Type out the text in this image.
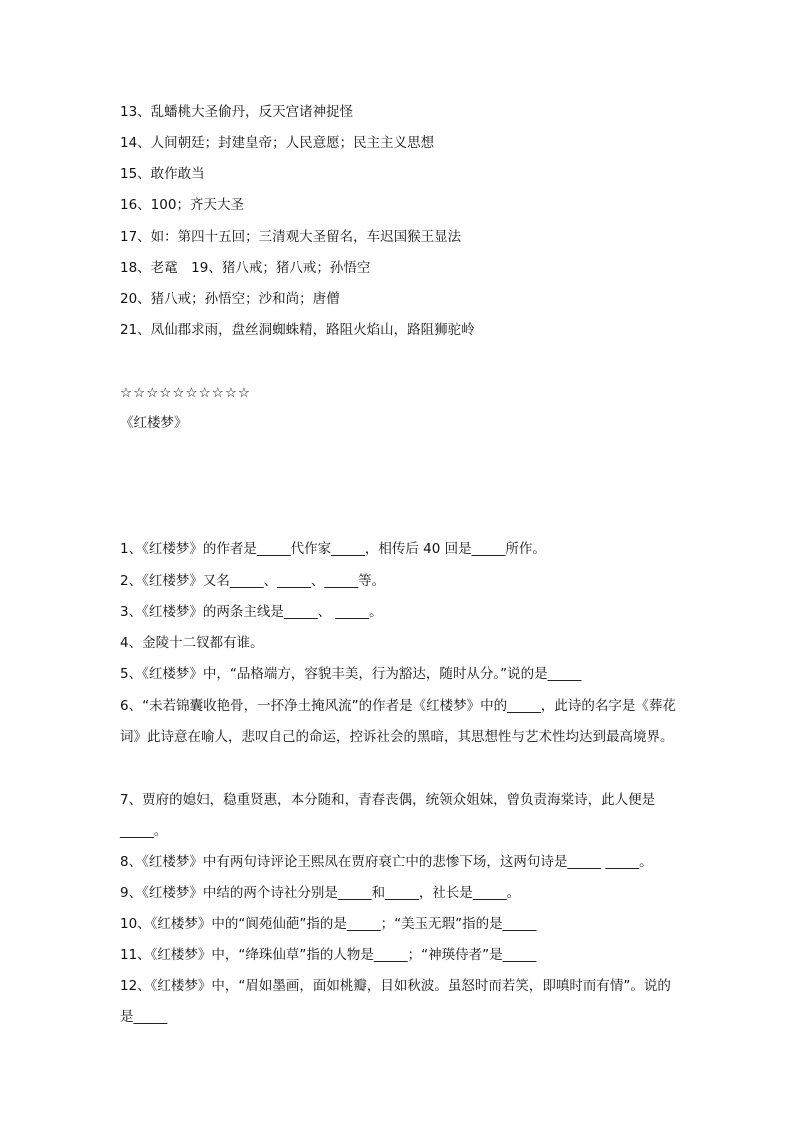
13、乱蟠桃大圣偷丹，反天宫诸神捉怪
14、人间朝廷；封建皇帝；人民意愿；民主主义思想
15、敢作敢当
16、100；齐天大圣
17、如：第四十五回；三清观大圣留名，车迟国猴王显法
18、老鼋　19、猪八戒；猪八戒；孙悟空
20、猪八戒；孙悟空；沙和尚；唐僧
21、凤仙郡求雨，盘丝洞蜘蛛精，路阻火焰山，路阻狮驼岭
☆☆☆☆☆☆☆☆☆☆
《红楼梦》
1、《红楼梦》的作者是_____代作家_____，相传后 40 回是_____所作。
2、《红楼梦》又名_____、_____、_____等。
3、《红楼梦》的两条主线是_____、 _____。
4、金陵十二钗都有谁。
5、《红楼梦》中，“品格端方，容貌丰美，行为豁达，随时从分。”说的是_____
6、“未若锦囊收艳骨，一抔净土掩风流”的作者是《红楼梦》中的_____，此诗的名字是《葬花词》此诗意在喻人，悲叹自己的命运，控诉社会的黑暗，其思想性与艺术性均达到最高境界。
7、贾府的媳妇，稳重贤惠，本分随和，青春丧偶，统领众姐妹，曾负责海棠诗，此人便是_____。
8、《红楼梦》中有两句诗评论王熙凤在贾府衰亡中的悲惨下场，这两句诗是_____ _____。
9、《红楼梦》中结的两个诗社分别是_____和_____，社长是_____。
10、《红楼梦》中的“阆苑仙葩”指的是_____；“美玉无瑕”指的是_____
11、《红楼梦》中，“绛珠仙草”指的人物是_____；“神瑛侍者”是_____
12、《红楼梦》中，“眉如墨画，面如桃瓣，目如秋波。虽怒时而若笑，即嗔时而有情”。说的是_____
